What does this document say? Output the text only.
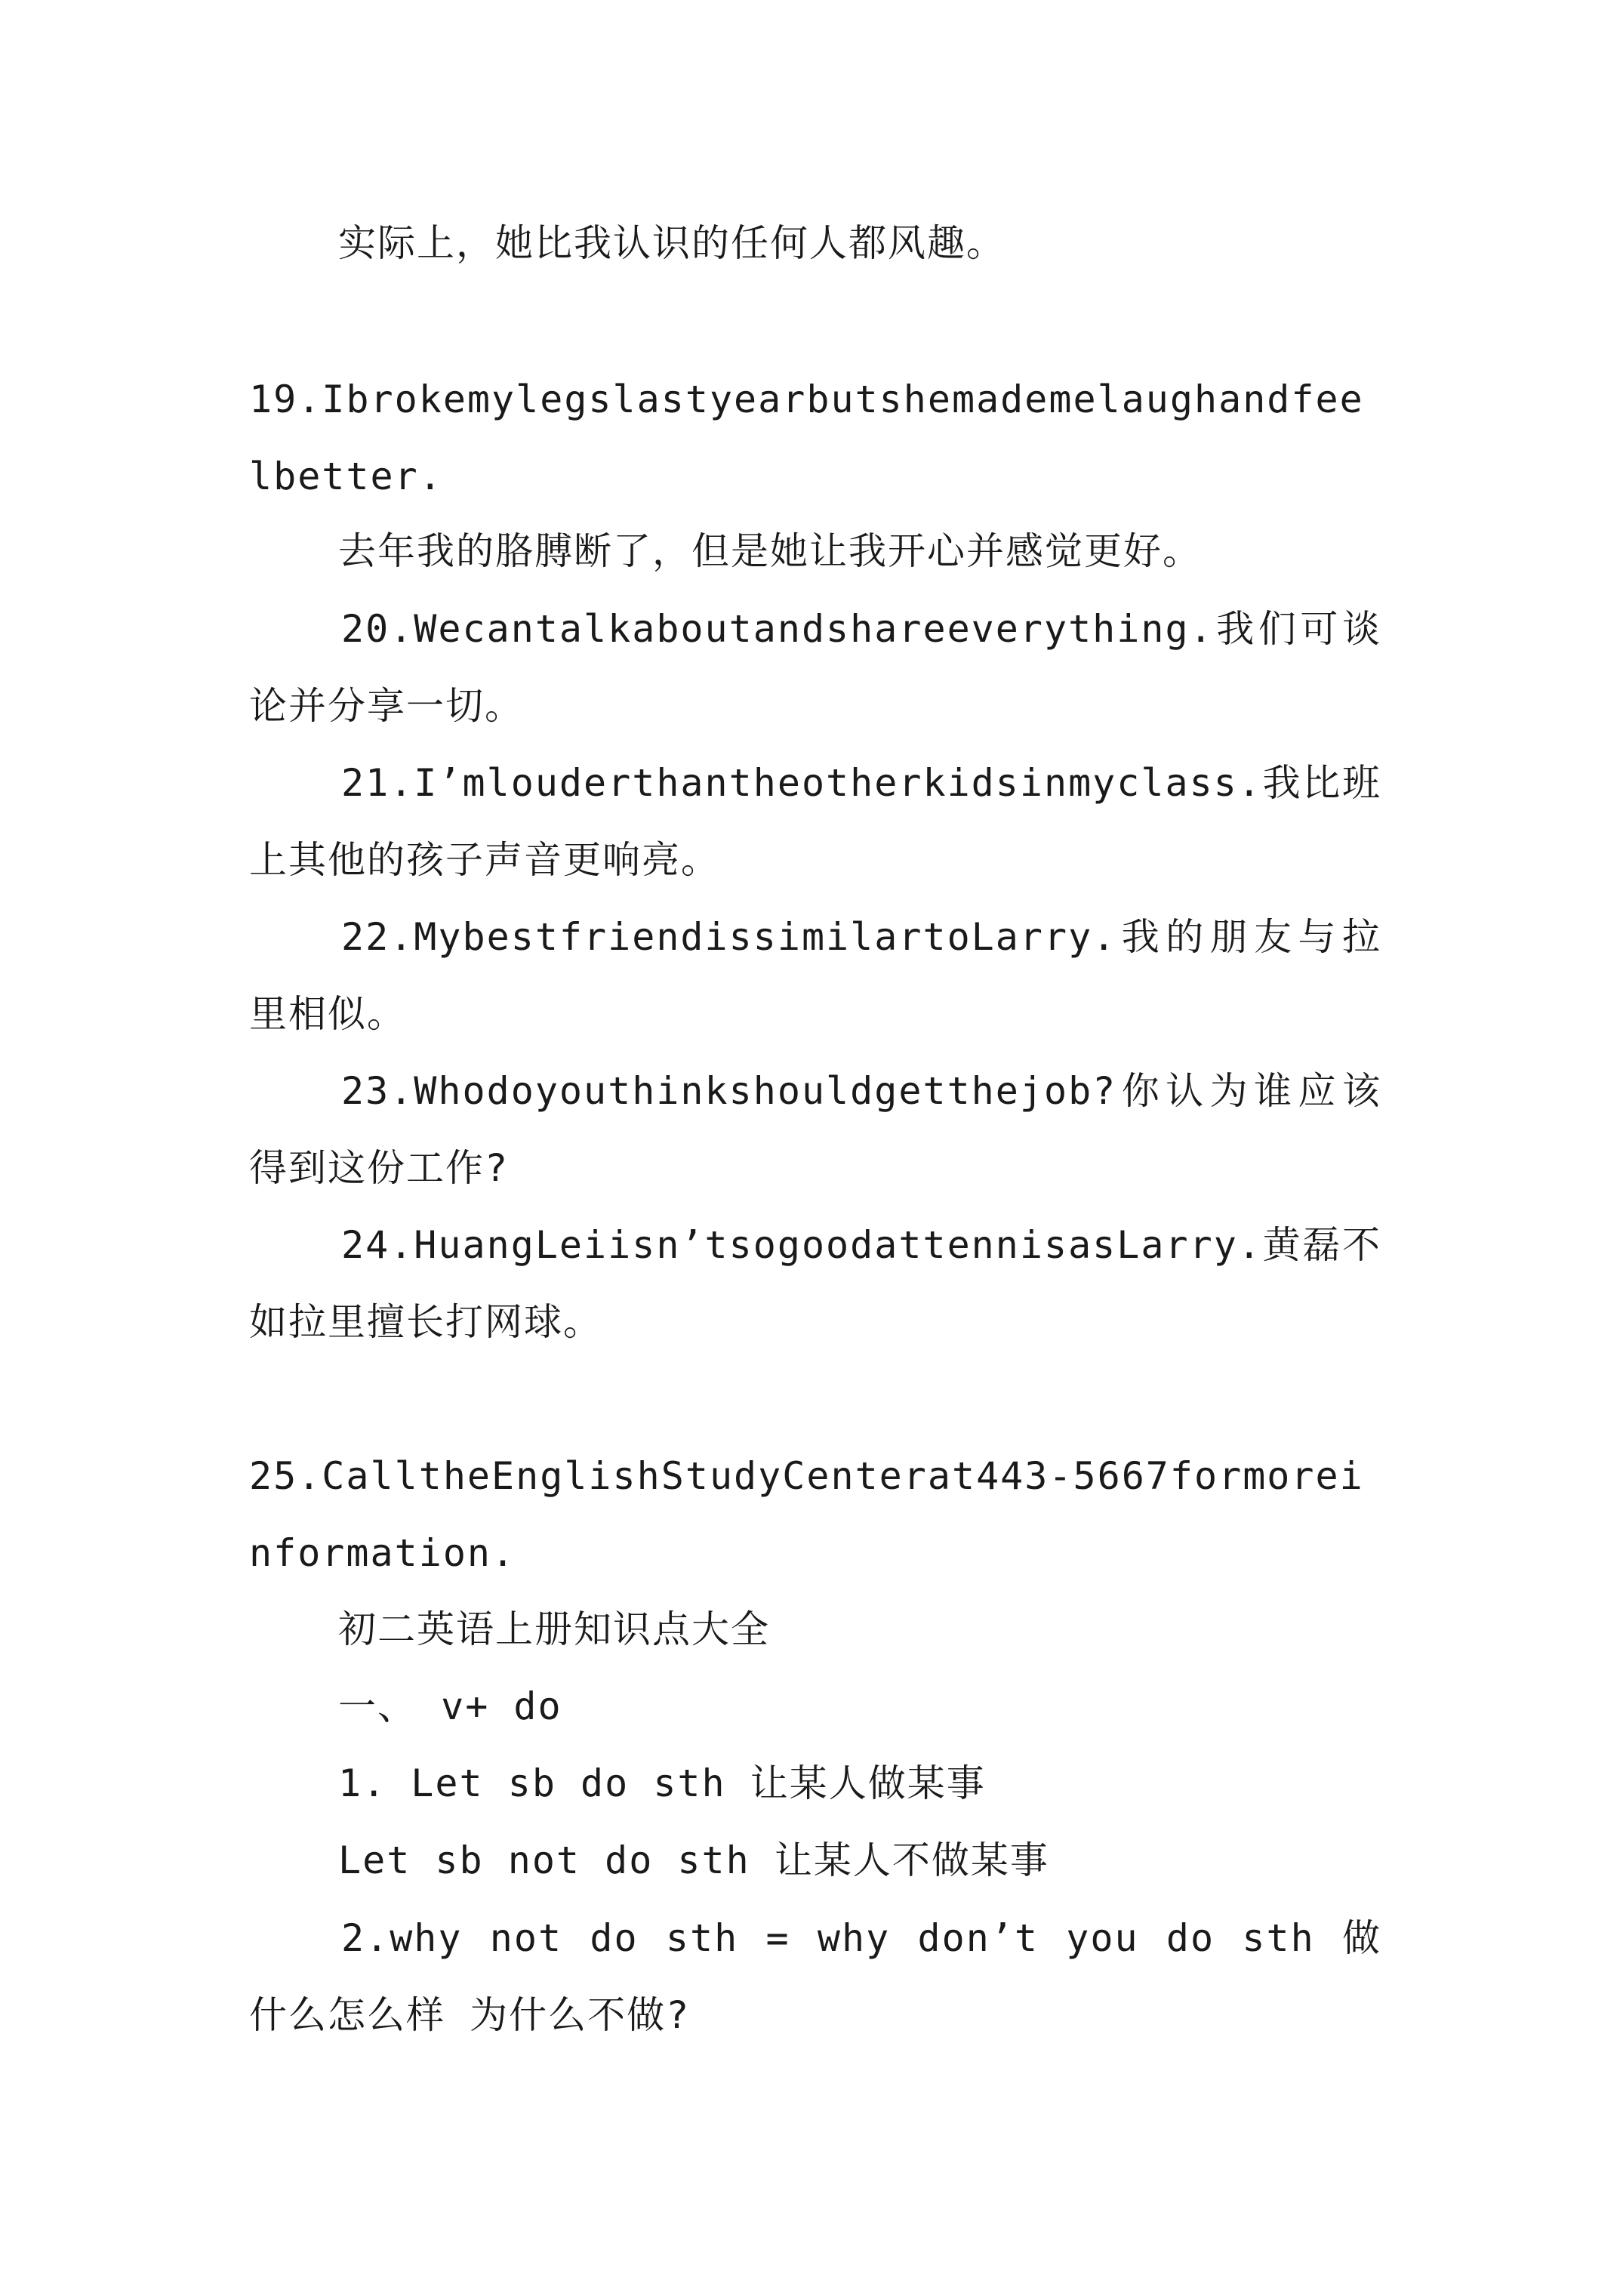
实际上，她比我认识的任何人都风趣。
19.Ibrokemylegslastyearbutshemademelaughandfeelbetter.
去年我的胳膊断了，但是她让我开心并感觉更好。
20.Wecantalkaboutandshareeverything.我们可谈论并分享一切。
21.I’mlouderthantheotherkidsinmyclass.我比班上其他的孩子声音更响亮。
22.MybestfriendissimilartoLarry.我的朋友与拉里相似。
23.Whodoyouthinkshouldgetthejob?你认为谁应该得到这份工作?
24.HuangLeiisn’tsogoodattennisasLarry.黄磊不如拉里擅长打网球。
25.CalltheEnglishStudyCenterat443-5667formoreinformation.
初二英语上册知识点大全
一、 v+ do
1. Let sb do sth 让某人做某事
Let sb not do sth 让某人不做某事
2.why not do sth = why don’t you do sth 做什么怎么样 为什么不做?
